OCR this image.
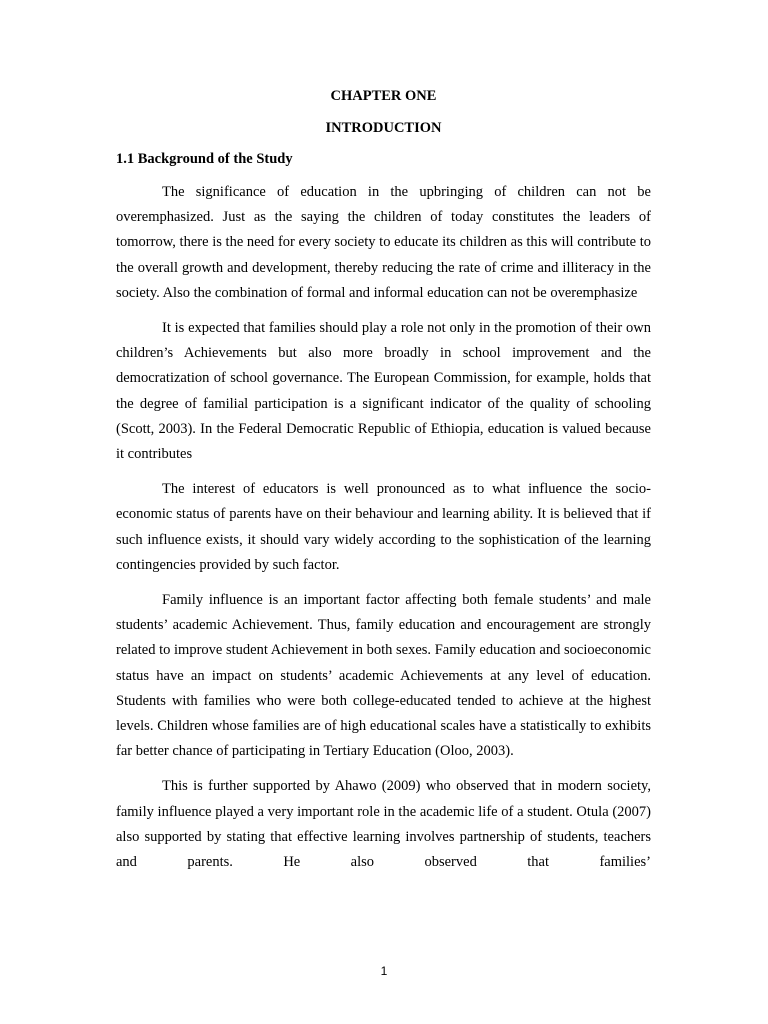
CHAPTER ONE

INTRODUCTION

1.1 Background of the Study

The significance of education in the upbringing of children can not be overemphasized. Just as the saying the children of today constitutes the leaders of tomorrow, there is the need for every society to educate its children as this will contribute to the overall growth and development, thereby reducing the rate of crime and illiteracy in the society. Also the combination of formal and informal education can not be overemphasize

It is expected that families should play a role not only in the promotion of their own children’s Achievements but also more broadly in school improvement and the democratization of school governance. The European Commission, for example, holds that the degree of familial participation is a significant indicator of the quality of schooling (Scott, 2003). In the Federal Democratic Republic of Ethiopia, education is valued because it contributes

The interest of educators is well pronounced as to what influence the socio-economic status of parents have on their behaviour and learning ability. It is believed that if such influence exists, it should vary widely according to the sophistication of the learning contingencies provided by such factor.

Family influence is an important factor affecting both female students’ and male students’ academic Achievement. Thus, family education and encouragement are strongly related to improve student Achievement in both sexes. Family education and socioeconomic status have an impact on students’ academic Achievements at any level of education. Students with families who were both college-educated tended to achieve at the highest levels. Children whose families are of high educational scales have a statistically to exhibits far better chance of participating in Tertiary Education (Oloo, 2003).

This is further supported by Ahawo (2009) who observed that in modern society, family influence played a very important role in the academic life of a student. Otula (2007) also supported by stating that effective learning involves partnership of students, teachers and parents. He also observed that families’

1
